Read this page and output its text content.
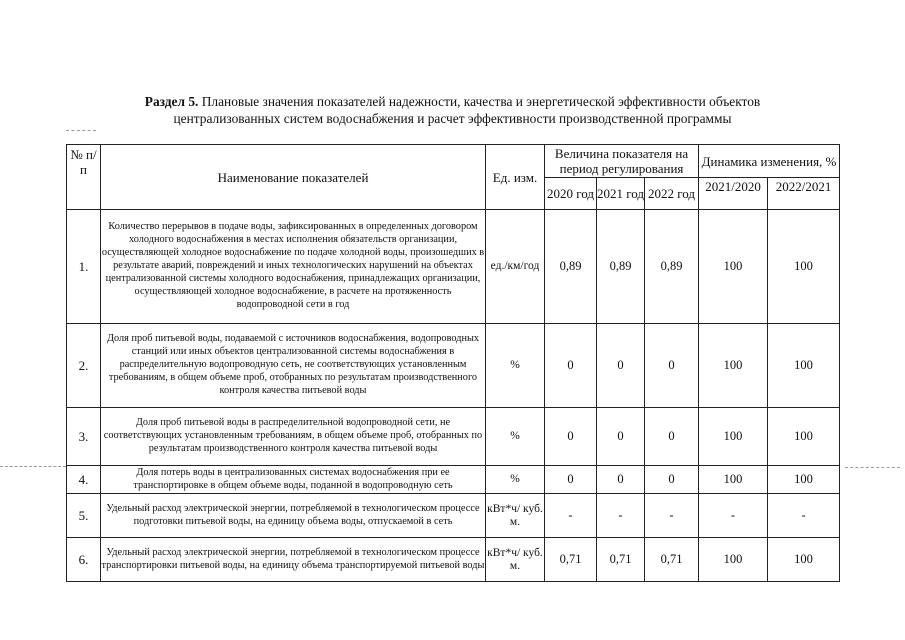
Раздел 5. Плановые значения показателей надежности, качества и энергетической эффективности объектов
централизованных систем водоснабжения и расчет эффективности производственной программы
№ п/п	Наименование показателей	Ед. изм.	Величина показателя на период регулирования			Динамика изменения, %	
			2020 год	2021 год	2022 год	2021/2020	2022/2021
1.	Количество перерывов в подаче воды, зафиксированных в определенных договором холодного водоснабжения в местах исполнения обязательств организации, осуществляющей холодное водоснабжение по подаче холодной воды, произошедших в результате аварий, повреждений и иных технологических нарушений на объектах централизованной системы холодного водоснабжения, принадлежащих организации, осуществляющей холодное водоснабжение, в расчете на протяженность водопроводной сети в год	ед./км/год	0,89	0,89	0,89	100	100
2.	Доля проб питьевой воды, подаваемой с источников водоснабжения, водопроводных станций или иных объектов централизованной системы водоснабжения в распределительную водопроводную сеть, не соответствующих установленным требованиям, в общем объеме проб, отобранных по результатам производственного контроля качества питьевой воды	%	0	0	0	100	100
3.	Доля проб питьевой воды в распределительной водопроводной сети, не соответствующих установленным требованиям, в общем объеме проб, отобранных по результатам производственного контроля качества питьевой воды	%	0	0	0	100	100
4.	Доля потерь воды в централизованных системах водоснабжения при ее транспортировке в общем объеме воды, поданной в водопроводную сеть	%	0	0	0	100	100
5.	Удельный расход электрической энергии, потребляемой в технологическом процессе подготовки питьевой воды, на единицу объема воды, отпускаемой в сеть	кВт*ч/ куб. м.	-	-	-	-	-
6.	Удельный расход электрической энергии, потребляемой в технологическом процессе транспортировки питьевой воды, на единицу объема транспортируемой питьевой воды	кВт*ч/ куб. м.	0,71	0,71	0,71	100	100
